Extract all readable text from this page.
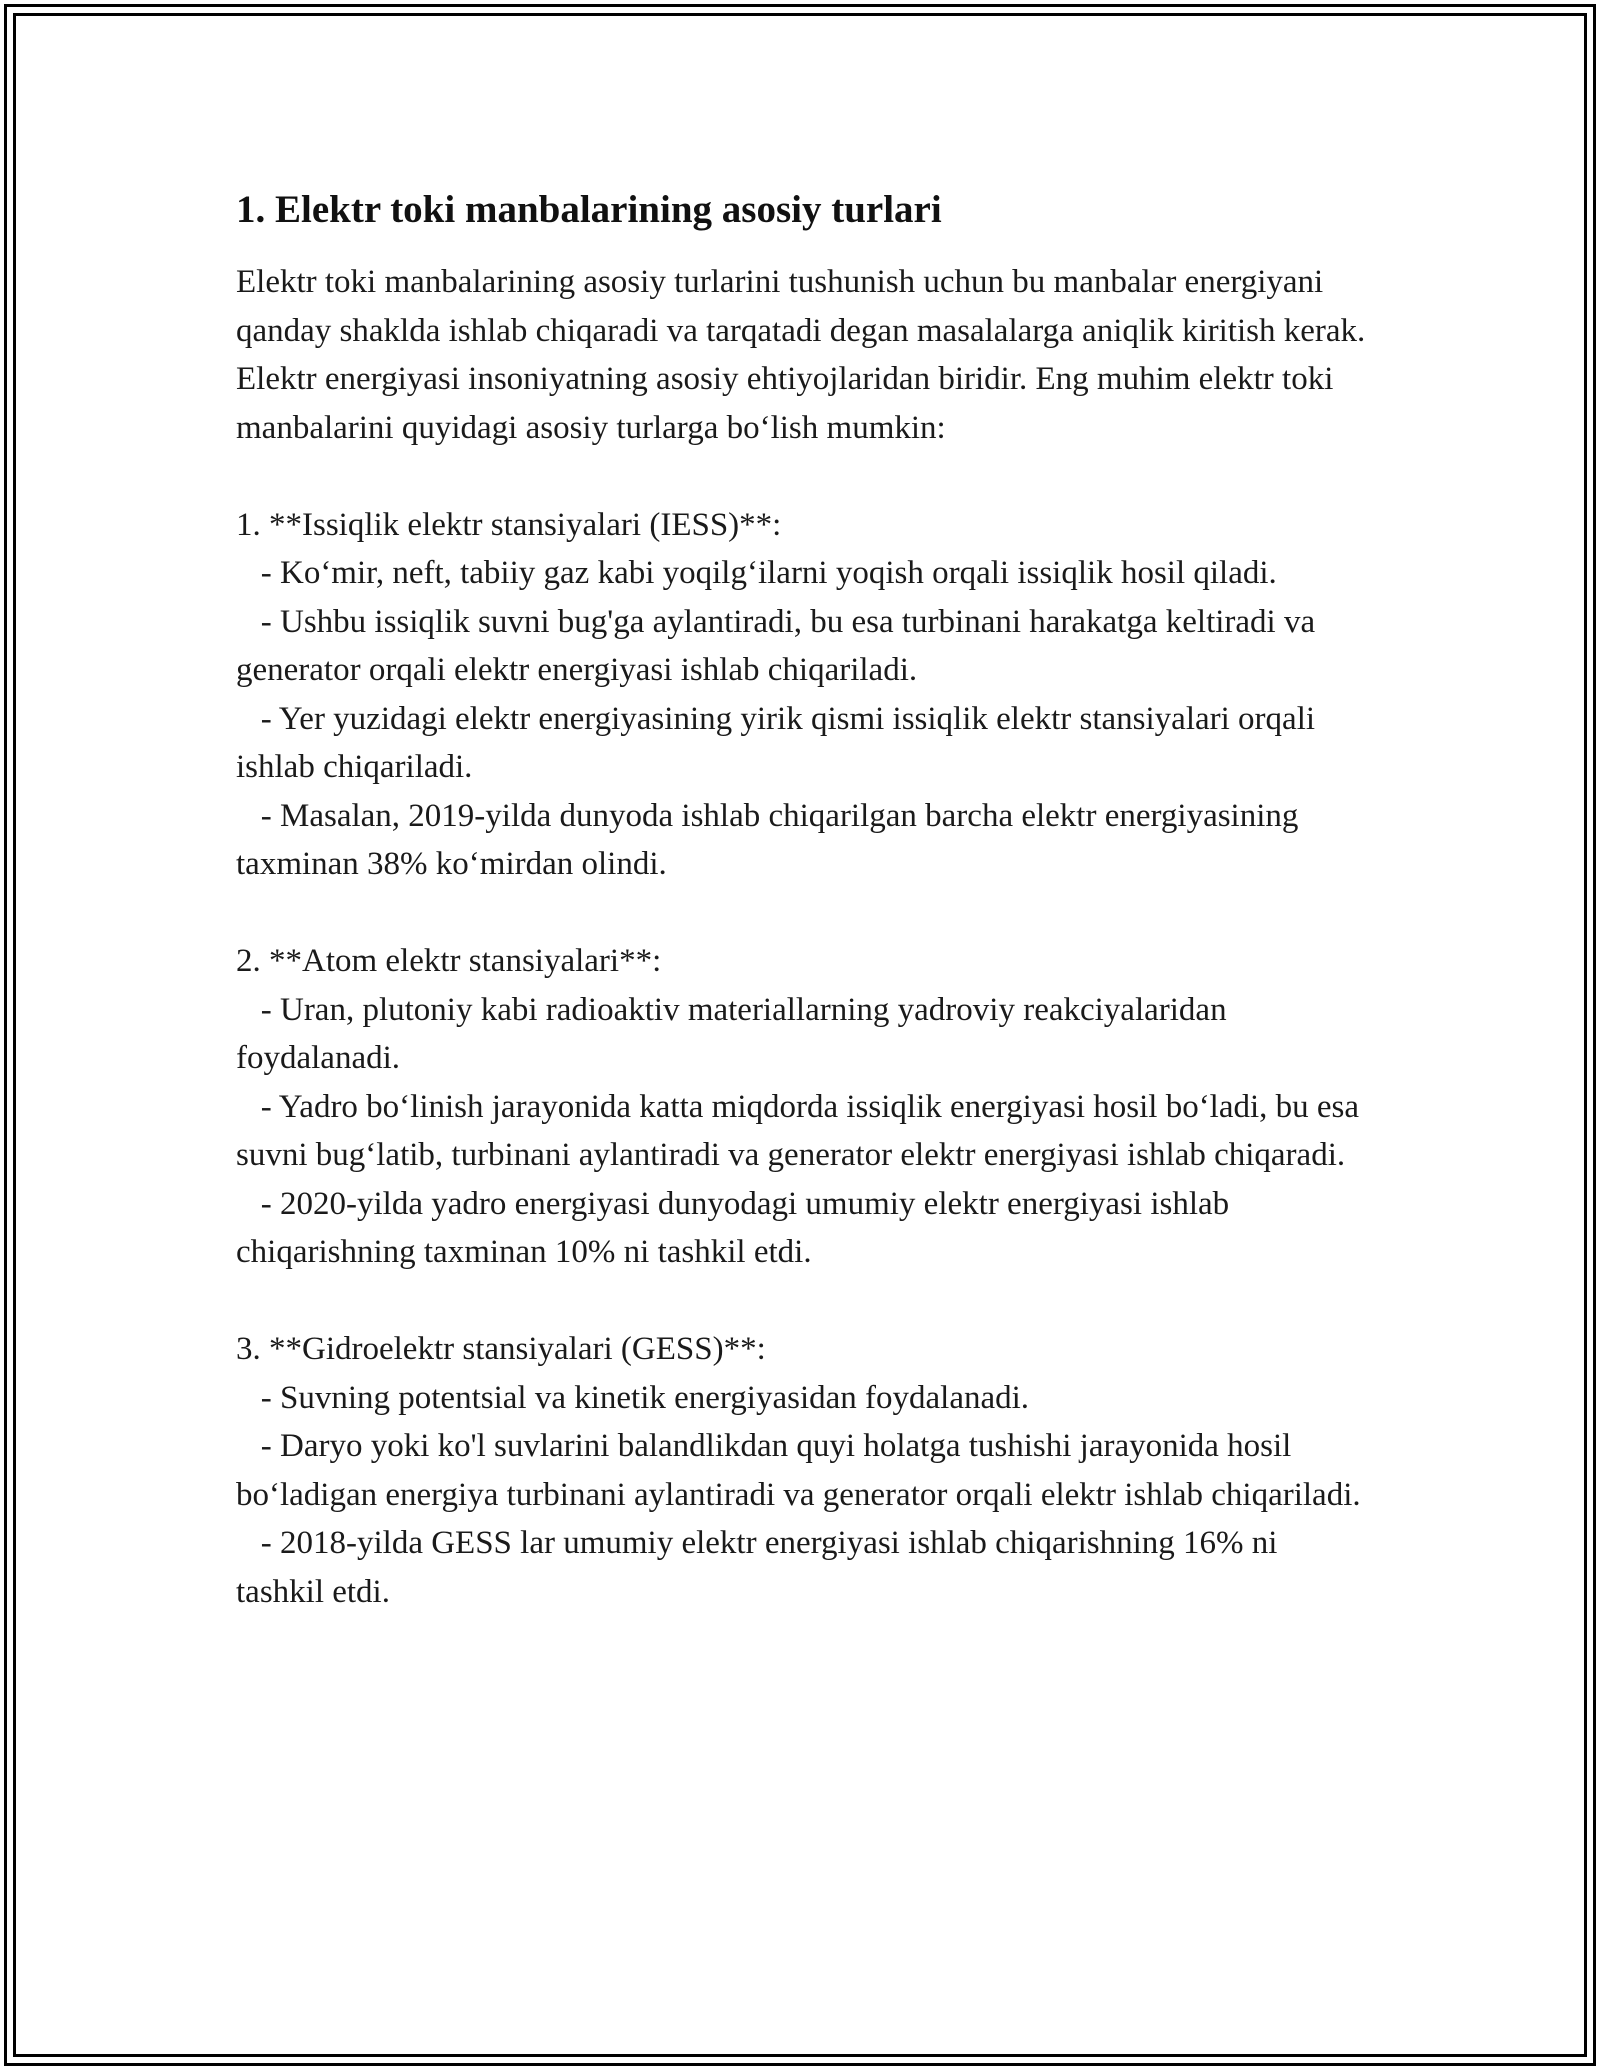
1. Elektr toki manbalarining asosiy turlari

Elektr toki manbalarining asosiy turlarini tushunish uchun bu manbalar energiyani qanday shaklda ishlab chiqaradi va tarqatadi degan masalalarga aniqlik kiritish kerak. Elektr energiyasi insoniyatning asosiy ehtiyojlaridan biridir. Eng muhim elektr toki manbalarini quyidagi asosiy turlarga bo‘lish mumkin:

1. **Issiqlik elektr stansiyalari (IESS)**:

- Ko‘mir, neft, tabiiy gaz kabi yoqilg‘ilarni yoqish orqali issiqlik hosil qiladi.

- Ushbu issiqlik suvni bug'ga aylantiradi, bu esa turbinani harakatga keltiradi va generator orqali elektr energiyasi ishlab chiqariladi.

- Yer yuzidagi elektr energiyasining yirik qismi issiqlik elektr stansiyalari orqali ishlab chiqariladi.

- Masalan, 2019-yilda dunyoda ishlab chiqarilgan barcha elektr energiyasining taxminan 38% ko‘mirdan olindi.

2. **Atom elektr stansiyalari**:

- Uran, plutoniy kabi radioaktiv materiallarning yadroviy reakciyalaridan foydalanadi.

- Yadro bo‘linish jarayonida katta miqdorda issiqlik energiyasi hosil bo‘ladi, bu esa suvni bug‘latib, turbinani aylantiradi va generator elektr energiyasi ishlab chiqaradi.

- 2020-yilda yadro energiyasi dunyodagi umumiy elektr energiyasi ishlab chiqarishning taxminan 10% ni tashkil etdi.

3. **Gidroelektr stansiyalari (GESS)**:

- Suvning potentsial va kinetik energiyasidan foydalanadi.

- Daryo yoki ko'l suvlarini balandlikdan quyi holatga tushishi jarayonida hosil bo‘ladigan energiya turbinani aylantiradi va generator orqali elektr ishlab chiqariladi.

- 2018-yilda GESS lar umumiy elektr energiyasi ishlab chiqarishning 16% ni tashkil etdi.
